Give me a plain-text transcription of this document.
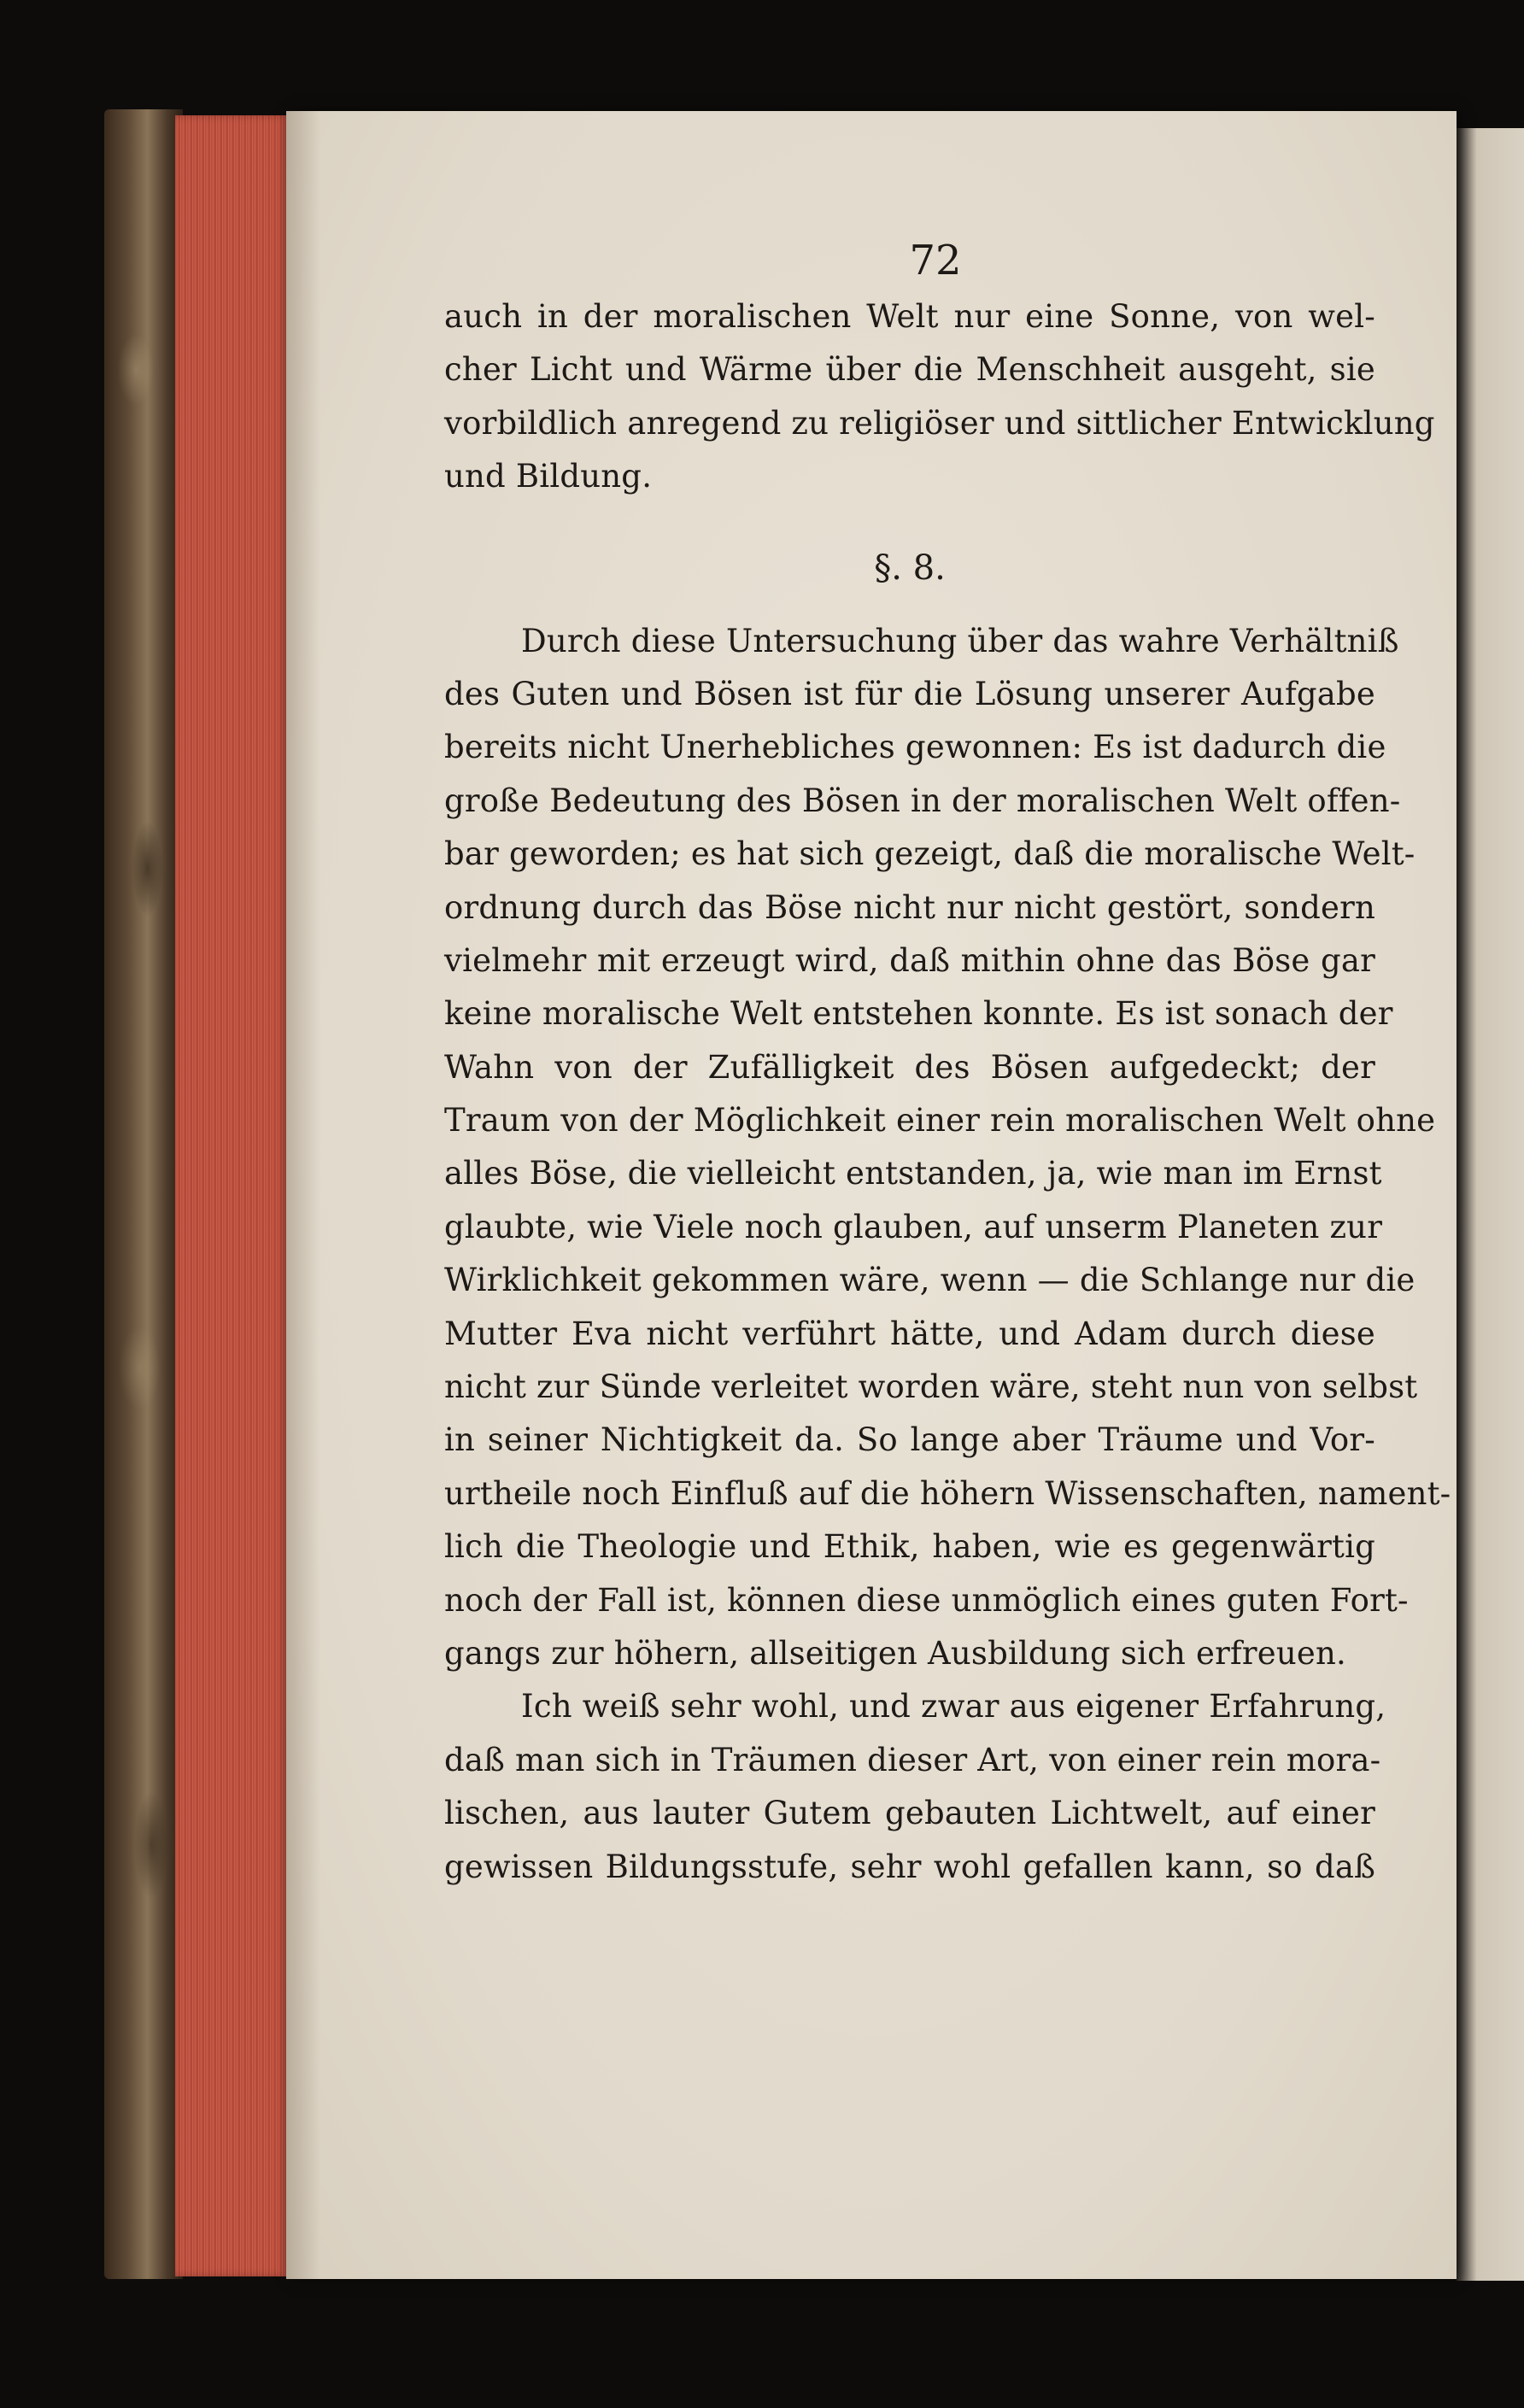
72
auch in der moralischen Welt nur eine Sonne, von wel-
cher Licht und Wärme über die Menschheit ausgeht, sie
vorbildlich anregend zu religiöser und sittlicher Entwicklung
und Bildung.
§. 8.
Durch diese Untersuchung über das wahre Verhältniß
des Guten und Bösen ist für die Lösung unserer Aufgabe
bereits nicht Unerhebliches gewonnen: Es ist dadurch die
große Bedeutung des Bösen in der moralischen Welt offen-
bar geworden; es hat sich gezeigt, daß die moralische Welt-
ordnung durch das Böse nicht nur nicht gestört, sondern
vielmehr mit erzeugt wird, daß mithin ohne das Böse gar
keine moralische Welt entstehen konnte. Es ist sonach der
Wahn von der Zufälligkeit des Bösen aufgedeckt; der
Traum von der Möglichkeit einer rein moralischen Welt ohne
alles Böse, die vielleicht entstanden, ja, wie man im Ernst
glaubte, wie Viele noch glauben, auf unserm Planeten zur
Wirklichkeit gekommen wäre, wenn — die Schlange nur die
Mutter Eva nicht verführt hätte, und Adam durch diese
nicht zur Sünde verleitet worden wäre, steht nun von selbst
in seiner Nichtigkeit da. So lange aber Träume und Vor-
urtheile noch Einfluß auf die höhern Wissenschaften, nament-
lich die Theologie und Ethik, haben, wie es gegenwärtig
noch der Fall ist, können diese unmöglich eines guten Fort-
gangs zur höhern, allseitigen Ausbildung sich erfreuen.
Ich weiß sehr wohl, und zwar aus eigener Erfahrung,
daß man sich in Träumen dieser Art, von einer rein mora-
lischen, aus lauter Gutem gebauten Lichtwelt, auf einer
gewissen Bildungsstufe, sehr wohl gefallen kann, so daß
